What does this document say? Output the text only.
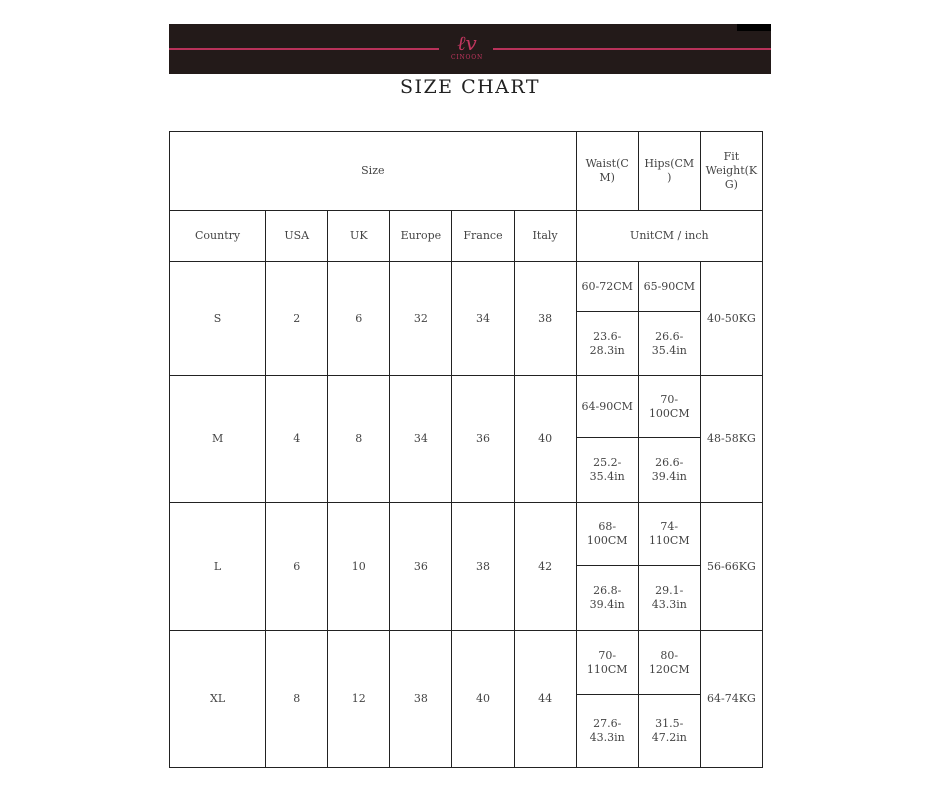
ℓv
CINOON
SIZE CHART
Size						Waist(CM)	Hips(CM)	Fit Weight(KG)
Country	USA	UK	Europe	France	Italy	UnitCM / inch		
S	2	6	32	34	38	60-72CM	65-90CM	40-50KG
						23.6-28.3in	26.6-35.4in	
M	4	8	34	36	40	64-90CM	70-100CM	48-58KG
						25.2-35.4in	26.6-39.4in	
L	6	10	36	38	42	68-100CM	74-110CM	56-66KG
						26.8-39.4in	29.1-43.3in	
XL	8	12	38	40	44	70-110CM	80-120CM	64-74KG
						27.6-43.3in	31.5-47.2in	
